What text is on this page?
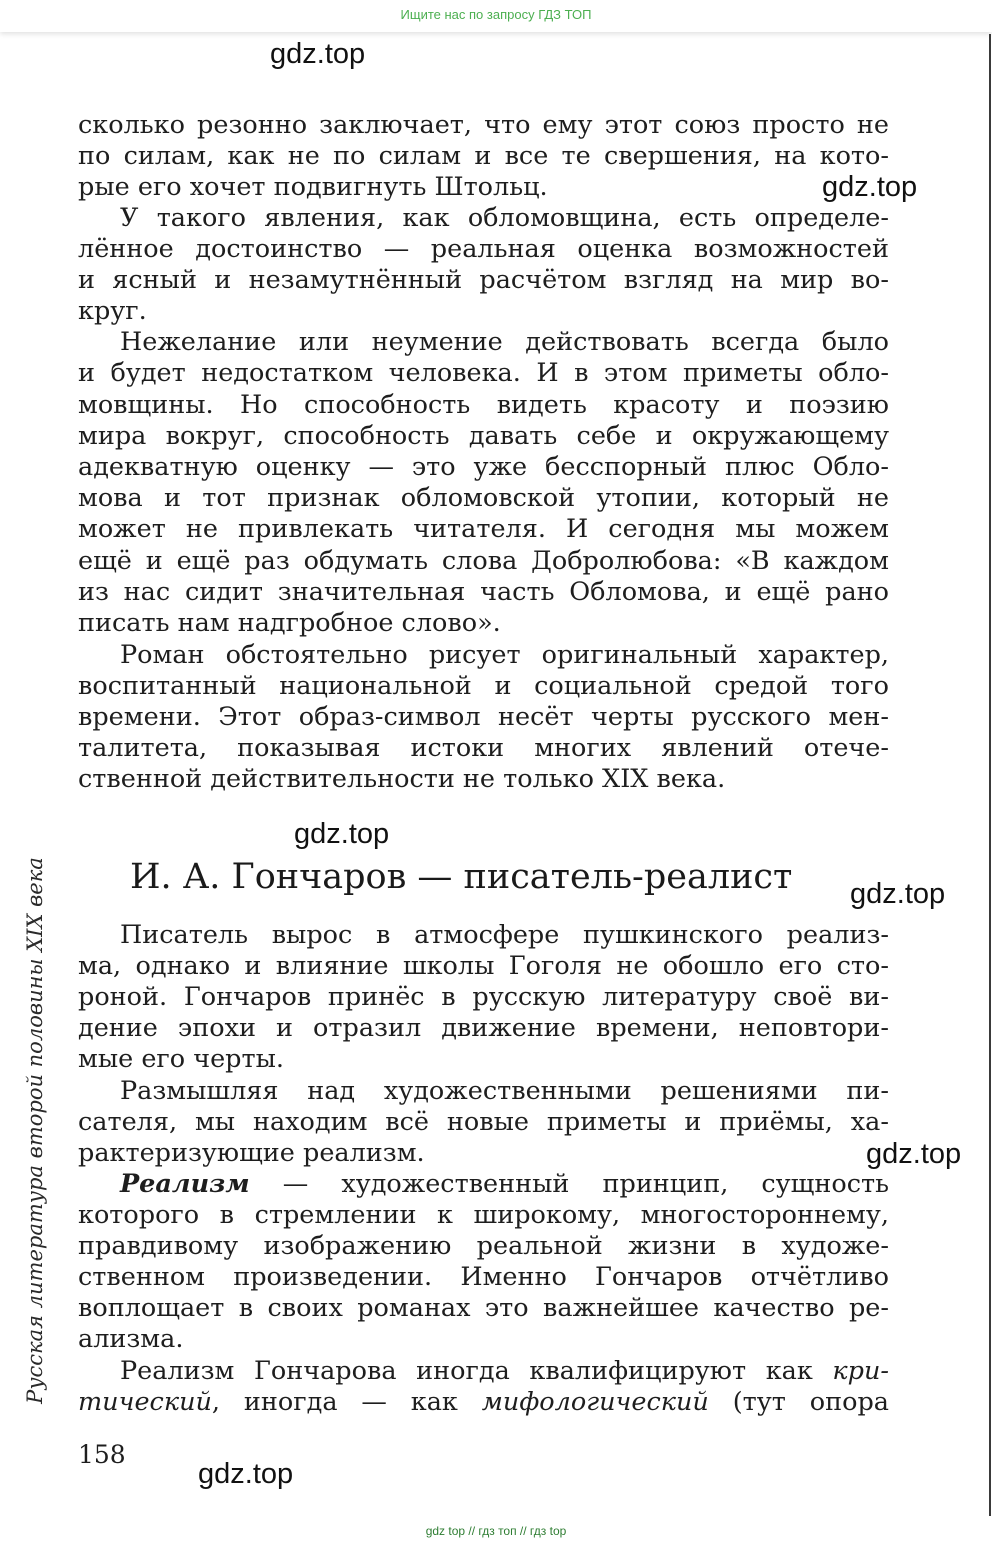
Ищите нас по запросу ГДЗ ТОП
gdz.top
gdz.top
gdz.top
gdz.top
gdz.top
gdz.top
сколько резонно заключает, что ему этот союз просто не
по силам, как не по силам и все те свершения, на кото-
рые его хочет подвигнуть Штольц.
У такого явления, как обломовщина, есть определе-
лённое достоинство — реальная оценка возможностей
и ясный и незамутнённый расчётом взгляд на мир во-
круг.
Нежелание или неумение действовать всегда было
и будет недостатком человека. И в этом приметы обло-
мовщины. Но способность видеть красоту и поэзию
мира вокруг, способность давать себе и окружающему
адекватную оценку — это уже бесспорный плюс Обло-
мова и тот признак обломовской утопии, который не
может не привлекать читателя. И сегодня мы можем
ещё и ещё раз обдумать слова Добролюбова: «В каждом
из нас сидит значительная часть Обломова, и ещё рано
писать нам надгробное слово».
Роман обстоятельно рисует оригинальный характер,
воспитанный национальной и социальной средой того
времени. Этот образ-символ несёт черты русского мен-
талитета, показывая истоки многих явлений отече-
ственной действительности не только XIX века.
Писатель вырос в атмосфере пушкинского реализ-
ма, однако и влияние школы Гоголя не обошло его сто-
роной. Гончаров принёс в русскую литературу своё ви-
дение эпохи и отразил движение времени, неповтори-
мые его черты.
Размышляя над художественными решениями пи-
сателя, мы находим всё новые приметы и приёмы, ха-
рактеризующие реализм.
Реализм — художественный принцип, сущность
которого в стремлении к широкому, многостороннему,
правдивому изображению реальной жизни в художе-
ственном произведении. Именно Гончаров отчётливо
воплощает в своих романах это важнейшее качество ре-
ализма.
Реализм Гончарова иногда квалифицируют как кри-
тический, иногда — как мифологический (тут опора
И. А. Гончаров — писатель-реалист
Русская литература второй половины XIX века
158
gdz top // гдз топ // гдз top
